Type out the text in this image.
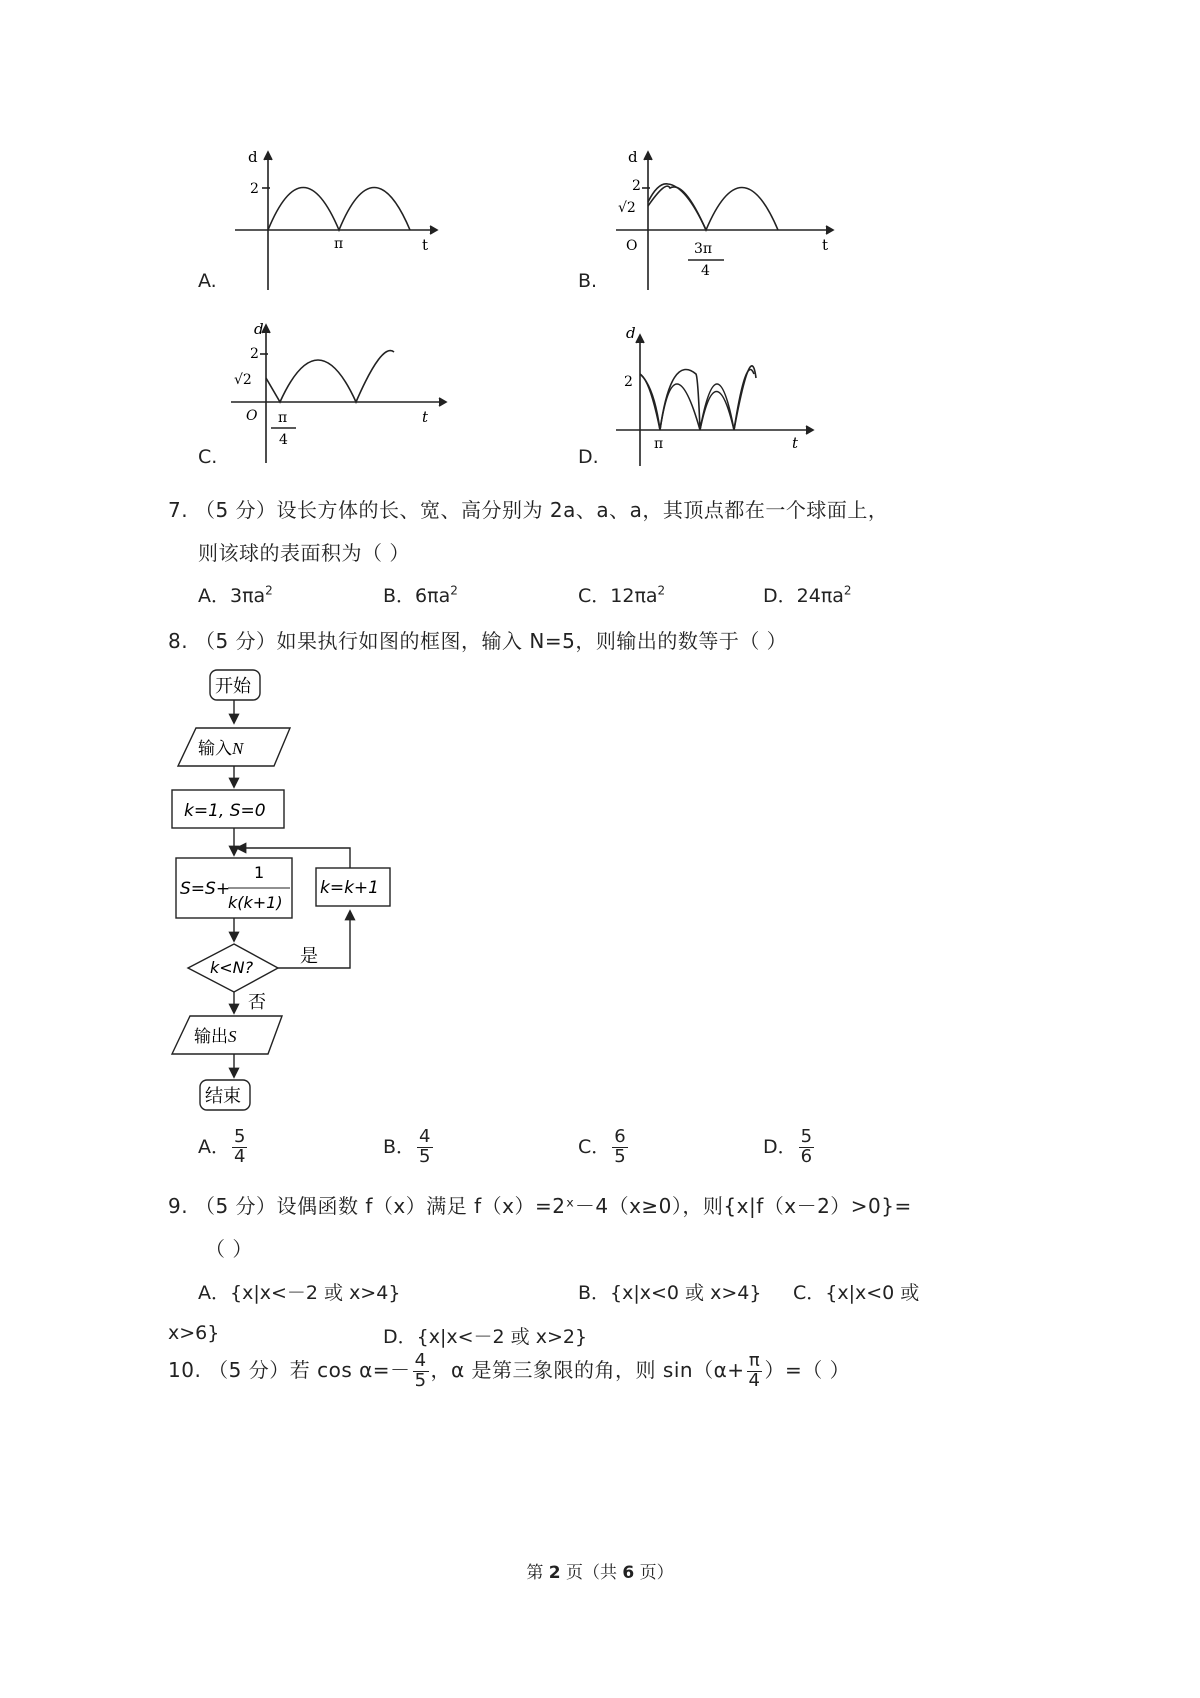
d
2
π	t
A.
d
2
√2
O	3π
4
t
B.
d
2
√2
O π
4
t
C.
d
2
π	t
D.
7. （5 分）设长方体的长、宽、高分别为 2a、a、a，其顶点都在一个球面上，
则该球的表面积为（ ）
A．$3\pi a^2$	B．$6\pi a^2$	C．$12\pi a^2$	D．$24\pi a^2$
8. （5 分）如果执行如图的框图，输入 N=5，则输出的数等于（ ）
开始
输入N
k=1, S=0
S=S+
1
k(k+1)
k=k+1
k<N?
是
否
输出S
结束
A． $\frac{5}{4}$	B． $\frac{4}{5}$	C． $\frac{6}{5}$	D． $\frac{5}{6}$
9. （5 分）设偶函数 f（x）满足 f（x）=2ˣ－4（x≥0），则{x|f（x－2）>0}=
（ ）
A．{x|x<－2 或 x>4}	B．{x|x<0 或 x>4} C．{x|x<0 或
x>6}	D．{x|x<－2 或 x>2}
10. （5 分）若 $\cos \alpha=- \frac{4}{5}$ ，α 是第三象限的角，则 $\sin(\alpha+ \frac{\pi}{4}$ ）=（ ）
第 2 页（共 6 页）
